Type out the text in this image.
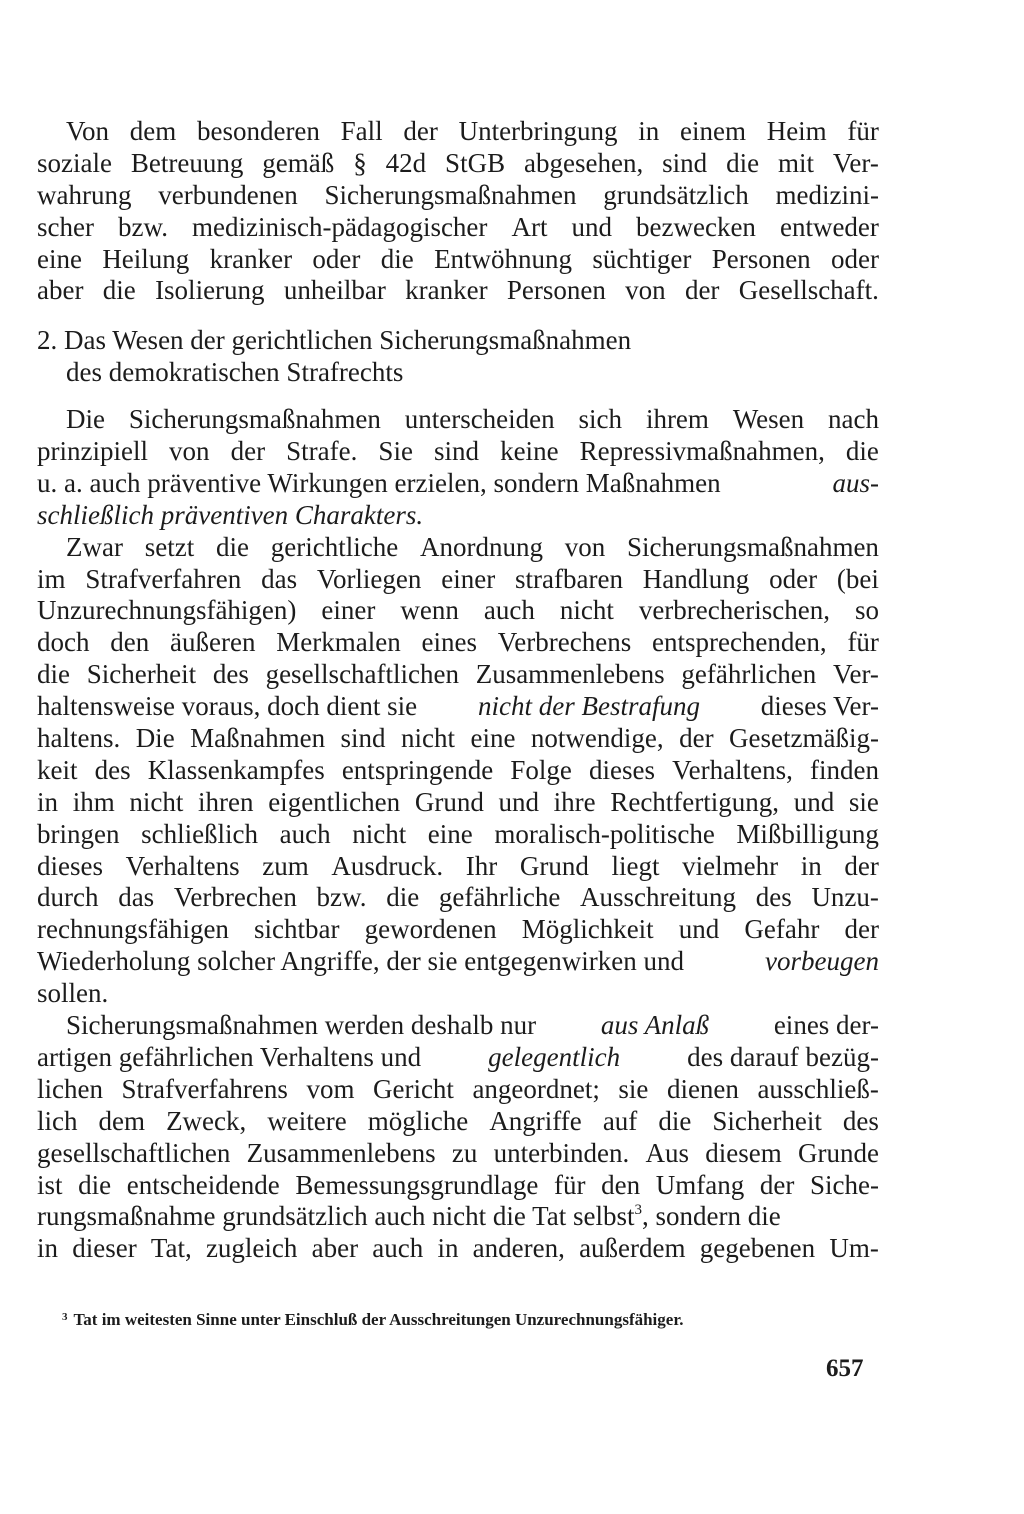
Von dem besonderen Fall der Unterbringung in einem Heim für
soziale Betreuung gemäß § 42d StGB abgesehen, sind die mit Ver-
wahrung verbundenen Sicherungsmaßnahmen grundsätzlich medizini-
scher bzw. medizinisch-pädagogischer Art und bezwecken entweder
eine Heilung kranker oder die Entwöhnung süchtiger Personen oder
aber die Isolierung unheilbar kranker Personen von der Gesellschaft.
2. Das Wesen der gerichtlichen Sicherungsmaßnahmen
des demokratischen Strafrechts
Die Sicherungsmaßnahmen unterscheiden sich ihrem Wesen nach
prinzipiell von der Strafe. Sie sind keine Repressivmaßnahmen, die
u. a. auch präventive Wirkungen erzielen, sondern Maßnahmen	aus-
schließlich präventiven Charakters.
Zwar setzt die gerichtliche Anordnung von Sicherungsmaßnahmen
im Strafverfahren das Vorliegen einer strafbaren Handlung oder (bei
Unzurechnungsfähigen) einer wenn auch nicht verbrecherischen, so
doch den äußeren Merkmalen eines Verbrechens entsprechenden, für
die Sicherheit des gesellschaftlichen Zusammenlebens gefährlichen Ver-
haltensweise voraus, doch dient sie nicht der Bestrafung dieses Ver-
haltens. Die Maßnahmen sind nicht eine notwendige, der Gesetzmäßig-
keit des Klassenkampfes entspringende Folge dieses Verhaltens, finden
in ihm nicht ihren eigentlichen Grund und ihre Rechtfertigung, und sie
bringen schließlich auch nicht eine moralisch-politische Mißbilligung
dieses Verhaltens zum Ausdruck. Ihr Grund liegt vielmehr in der
durch das Verbrechen bzw. die gefährliche Ausschreitung des Unzu-
rechnungsfähigen sichtbar gewordenen Möglichkeit und Gefahr der
Wiederholung solcher Angriffe, der sie entgegenwirken und	vorbeugen
sollen.
Sicherungsmaßnahmen werden deshalb nur aus Anlaß eines der-
artigen gefährlichen Verhaltens und gelegentlich des darauf bezüg-
lichen Strafverfahrens vom Gericht angeordnet; sie dienen ausschließ-
lich dem Zweck, weitere mögliche Angriffe auf die Sicherheit des
gesellschaftlichen Zusammenlebens zu unterbinden. Aus diesem Grunde
ist die entscheidende Bemessungsgrundlage für den Umfang der Siche-
rungsmaßnahme grundsätzlich auch nicht die Tat selbst$^3$, sondern die
in dieser Tat, zugleich aber auch in anderen, außerdem gegebenen Um-
$^3$ Tat im weitesten Sinne unter Einschluß der Ausschreitungen Unzurechnungsfähiger.
657
